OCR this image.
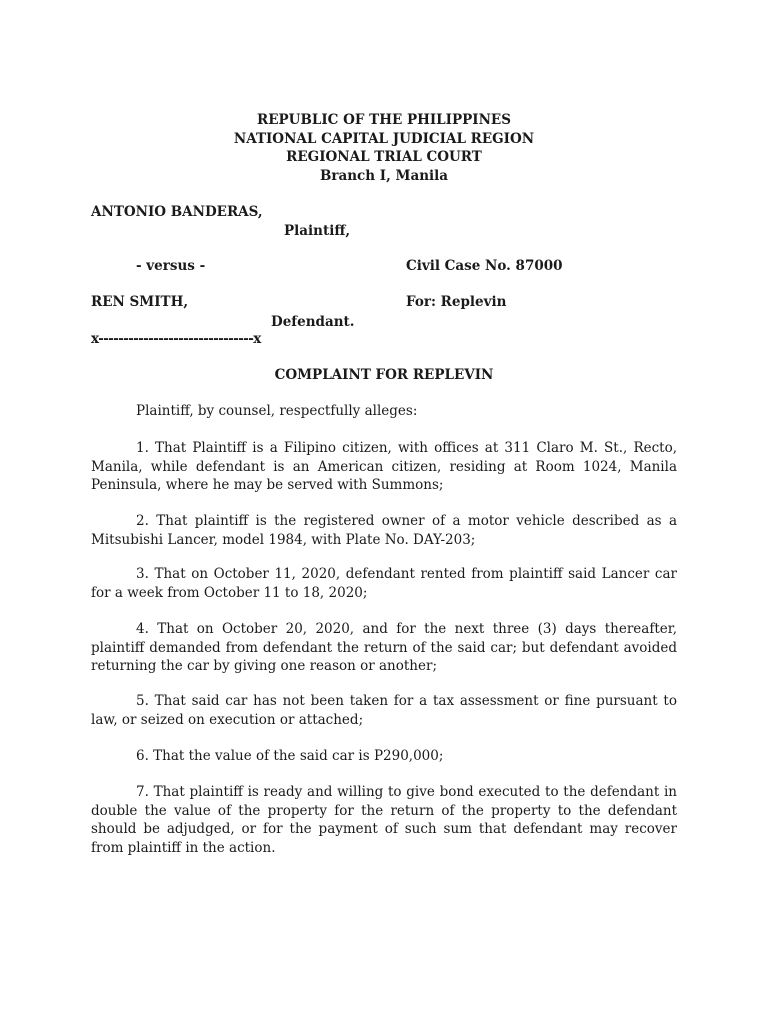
REPUBLIC OF THE PHILIPPINES
NATIONAL CAPITAL JUDICIAL REGION
REGIONAL TRIAL COURT
Branch I, Manila
ANTONIO BANDERAS,
Plaintiff,
- versus -	Civil Case No. 87000
REN SMITH,	For: Replevin
Defendant.
x-------------------------------x
COMPLAINT FOR REPLEVIN
Plaintiff, by counsel, respectfully alleges:

1. That Plaintiff is a Filipino citizen, with offices at 311 Claro M. St., Recto, Manila, while defendant is an American citizen, residing at Room 1024, Manila Peninsula, where he may be served with Summons;

2. That plaintiff is the registered owner of a motor vehicle described as a Mitsubishi Lancer, model 1984, with Plate No. DAY-203;

3. That on October 11, 2020, defendant rented from plaintiff said Lancer car for a week from October 11 to 18, 2020;

4. That on October 20, 2020, and for the next three (3) days thereafter, plaintiff demanded from defendant the return of the said car; but defendant avoided returning the car by giving one reason or another;

5. That said car has not been taken for a tax assessment or fine pursuant to law, or seized on execution or attached;

6. That the value of the said car is P290,000;

7. That plaintiff is ready and willing to give bond executed to the defendant in double the value of the property for the return of the property to the defendant should be adjudged, or for the payment of such sum that defendant may recover from plaintiff in the action.
